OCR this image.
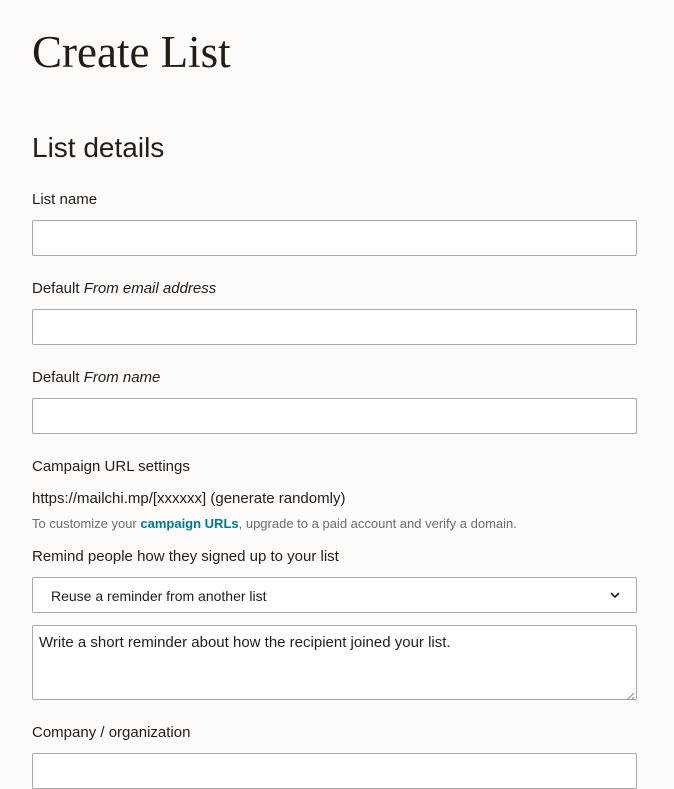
Create List
List details
List name
Default From email address
Default From name
Campaign URL settings
https://mailchi.mp/[xxxxxx] (generate randomly)
To customize your campaign URLs, upgrade to a paid account and verify a domain.
Remind people how they signed up to your list
Reuse a reminder from another list
Write a short reminder about how the recipient joined your list.
Company / organization
